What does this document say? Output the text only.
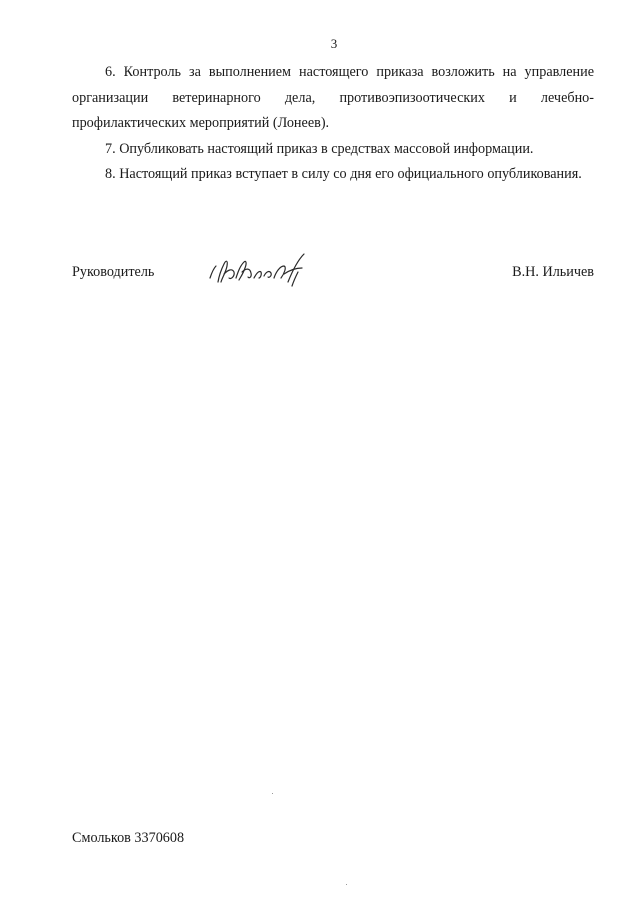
3

6. Контроль за выполнением настоящего приказа возложить на управление организации ветеринарного дела, противоэпизоотических и лечебно-профилактических мероприятий (Лонеев).

7. Опубликовать настоящий приказ в средствах массовой информации.

8. Настоящий приказ вступает в силу со дня его официального опубликования.

Руководитель	В.Н. Ильичев
Смольков 3370608
